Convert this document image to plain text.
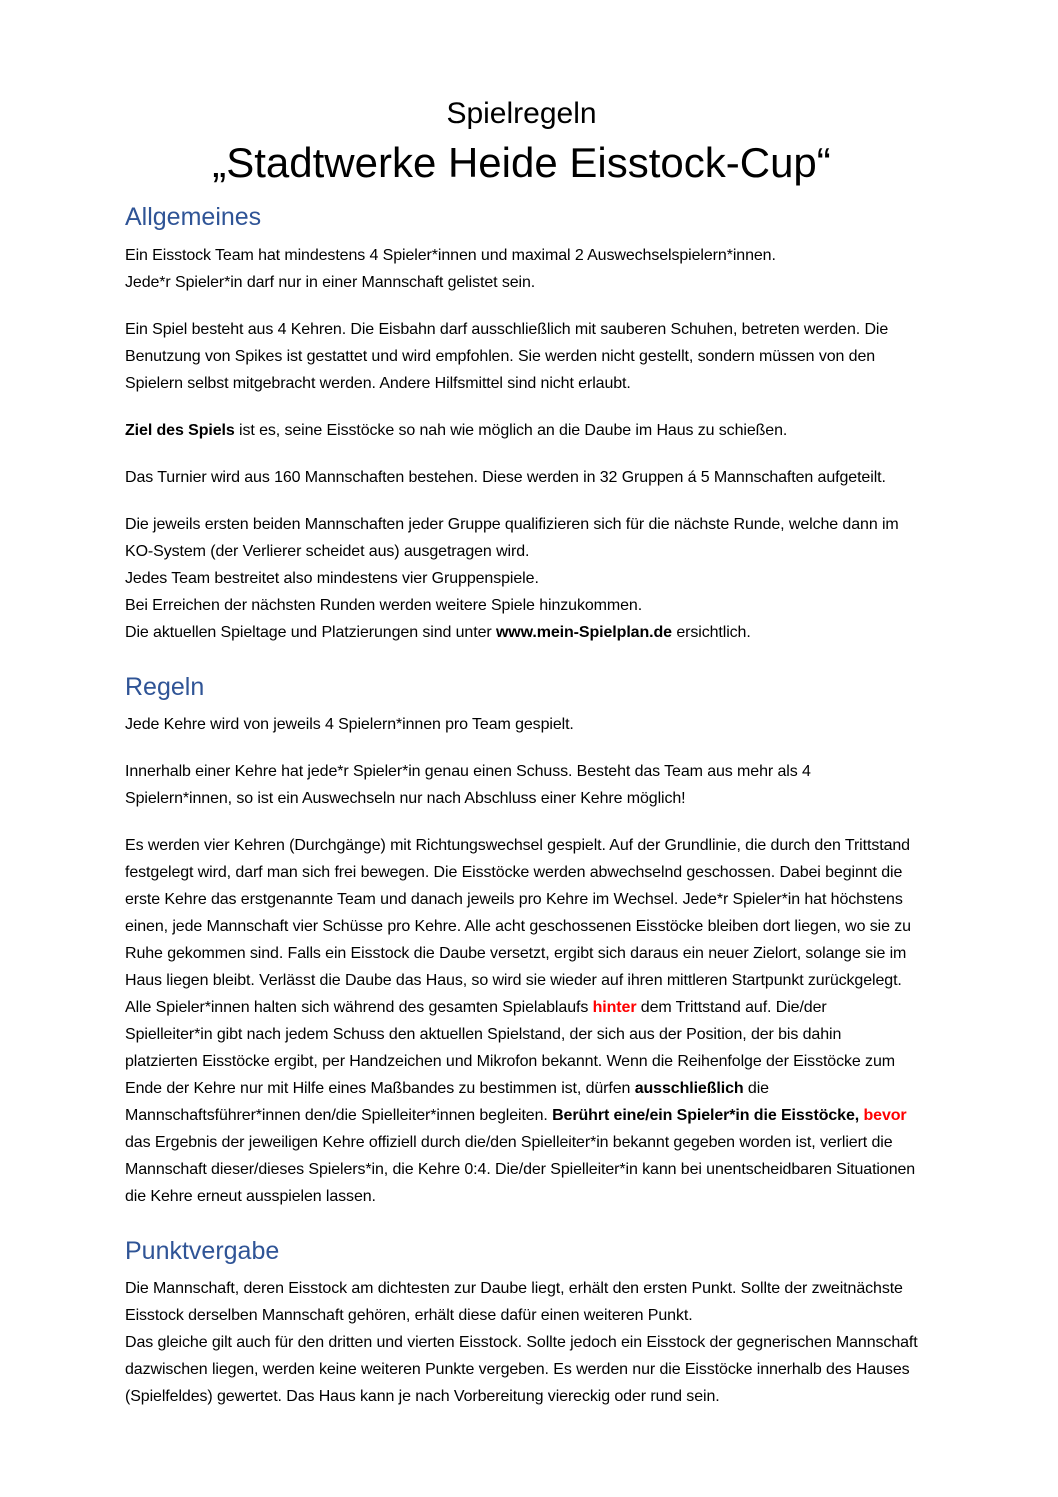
Spielregeln
„Stadtwerke Heide Eisstock-Cup“
Allgemeines

Ein Eisstock Team hat mindestens 4 Spieler*innen und maximal 2 Auswechselspielern*innen.
Jede*r Spieler*in darf nur in einer Mannschaft gelistet sein.

Ein Spiel besteht aus 4 Kehren. Die Eisbahn darf ausschließlich mit sauberen Schuhen, betreten werden. Die Benutzung von Spikes ist gestattet und wird empfohlen. Sie werden nicht gestellt, sondern müssen von den Spielern selbst mitgebracht werden. Andere Hilfsmittel sind nicht erlaubt.

Ziel des Spiels ist es, seine Eisstöcke so nah wie möglich an die Daube im Haus zu schießen.

Das Turnier wird aus 160 Mannschaften bestehen. Diese werden in 32 Gruppen á 5 Mannschaften aufgeteilt.

Die jeweils ersten beiden Mannschaften jeder Gruppe qualifizieren sich für die nächste Runde, welche dann im KO-System (der Verlierer scheidet aus) ausgetragen wird.
Jedes Team bestreitet also mindestens vier Gruppenspiele.
Bei Erreichen der nächsten Runden werden weitere Spiele hinzukommen.
Die aktuellen Spieltage und Platzierungen sind unter www.mein-Spielplan.de ersichtlich.

Regeln

Jede Kehre wird von jeweils 4 Spielern*innen pro Team gespielt.

Innerhalb einer Kehre hat jede*r Spieler*in genau einen Schuss. Besteht das Team aus mehr als 4 Spielern*innen, so ist ein Auswechseln nur nach Abschluss einer Kehre möglich!

Es werden vier Kehren (Durchgänge) mit Richtungswechsel gespielt. Auf der Grundlinie, die durch den Trittstand festgelegt wird, darf man sich frei bewegen. Die Eisstöcke werden abwechselnd geschossen. Dabei beginnt die erste Kehre das erstgenannte Team und danach jeweils pro Kehre im Wechsel. Jede*r Spieler*in hat höchstens einen, jede Mannschaft vier Schüsse pro Kehre. Alle acht geschossenen Eisstöcke bleiben dort liegen, wo sie zu Ruhe gekommen sind. Falls ein Eisstock die Daube versetzt, ergibt sich daraus ein neuer Zielort, solange sie im Haus liegen bleibt. Verlässt die Daube das Haus, so wird sie wieder auf ihren mittleren Startpunkt zurückgelegt. Alle Spieler*innen halten sich während des gesamten Spielablaufs hinter dem Trittstand auf. Die/der Spielleiter*in gibt nach jedem Schuss den aktuellen Spielstand, der sich aus der Position, der bis dahin platzierten Eisstöcke ergibt, per Handzeichen und Mikrofon bekannt. Wenn die Reihenfolge der Eisstöcke zum Ende der Kehre nur mit Hilfe eines Maßbandes zu bestimmen ist, dürfen ausschließlich die Mannschaftsführer*innen den/die Spielleiter*innen begleiten. Berührt eine/ein Spieler*in die Eisstöcke, bevor das Ergebnis der jeweiligen Kehre offiziell durch die/den Spielleiter*in bekannt gegeben worden ist, verliert die Mannschaft dieser/dieses Spielers*in, die Kehre 0:4. Die/der Spielleiter*in kann bei unentscheidbaren Situationen die Kehre erneut ausspielen lassen.

Punktvergabe

Die Mannschaft, deren Eisstock am dichtesten zur Daube liegt, erhält den ersten Punkt. Sollte der zweitnächste Eisstock derselben Mannschaft gehören, erhält diese dafür einen weiteren Punkt.
Das gleiche gilt auch für den dritten und vierten Eisstock. Sollte jedoch ein Eisstock der gegnerischen Mannschaft dazwischen liegen, werden keine weiteren Punkte vergeben. Es werden nur die Eisstöcke innerhalb des Hauses (Spielfeldes) gewertet. Das Haus kann je nach Vorbereitung viereckig oder rund sein.
